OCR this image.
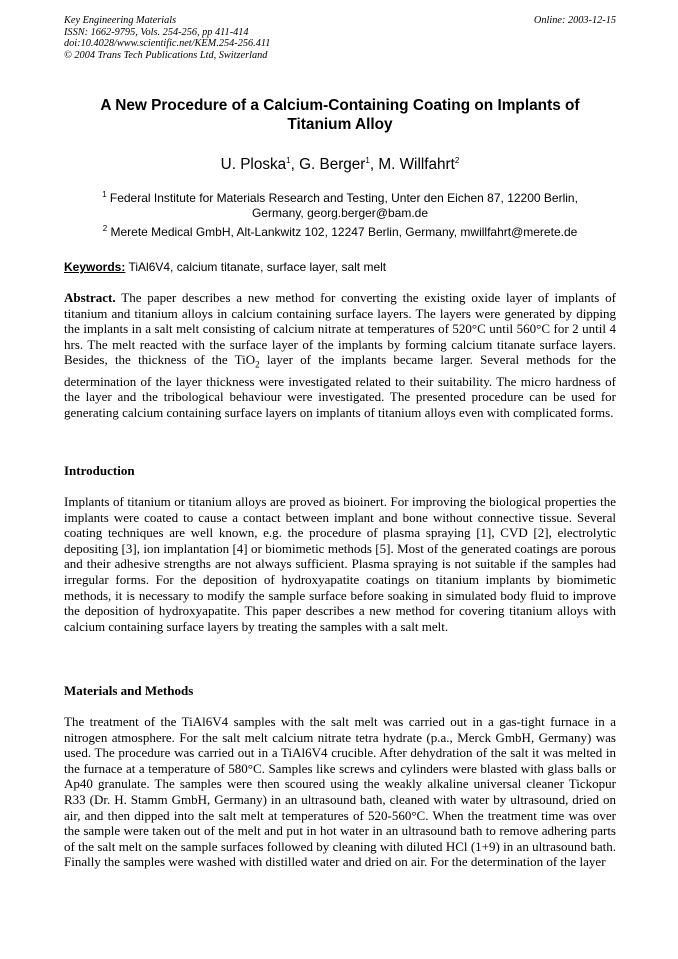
Key Engineering Materials
ISSN: 1662-9795, Vols. 254-256, pp 411-414
doi:10.4028/www.scientific.net/KEM.254-256.411
© 2004 Trans Tech Publications Ltd, Switzerland
Online: 2003-12-15
A New Procedure of a Calcium-Containing Coating on Implants of
Titanium Alloy
U. Ploska$^1$, G. Berger$^1$, M. Willfahrt$^2$
$^1$ Federal Institute for Materials Research and Testing, Unter den Eichen 87, 12200 Berlin,
Germany, georg.berger@bam.de
$^2$ Merete Medical GmbH, Alt-Lankwitz 102, 12247 Berlin, Germany, mwillfahrt@merete.de
Keywords: TiAl6V4, calcium titanate, surface layer, salt melt
Abstract. The paper describes a new method for converting the existing oxide layer of implants of titanium and titanium alloys in calcium containing surface layers. The layers were generated by dipping the implants in a salt melt consisting of calcium nitrate at temperatures of 520°C until 560°C for 2 until 4 hrs. The melt reacted with the surface layer of the implants by forming calcium titanate surface layers. Besides, the thickness of the TiO$_2$ layer of the implants became larger. Several methods for the determination of the layer thickness were investigated related to their suitability. The micro hardness of the layer and the tribological behaviour were investigated. The presented procedure can be used for generating calcium containing surface layers on implants of titanium alloys even with complicated forms.
Introduction
Implants of titanium or titanium alloys are proved as bioinert. For improving the biological properties the implants were coated to cause a contact between implant and bone without connective tissue. Several coating techniques are well known, e.g. the procedure of plasma spraying [1], CVD [2], electrolytic depositing [3], ion implantation [4] or biomimetic methods [5]. Most of the generated coatings are porous and their adhesive strengths are not always sufficient. Plasma spraying is not suitable if the samples had irregular forms. For the deposition of hydroxyapatite coatings on titanium implants by biomimetic methods, it is necessary to modify the sample surface before soaking in simulated body fluid to improve the deposition of hydroxyapatite. This paper describes a new method for covering titanium alloys with calcium containing surface layers by treating the samples with a salt melt.
Materials and Methods
The treatment of the TiAl6V4 samples with the salt melt was carried out in a gas-tight furnace in a nitrogen atmosphere. For the salt melt calcium nitrate tetra hydrate (p.a., Merck GmbH, Germany) was used. The procedure was carried out in a TiAl6V4 crucible. After dehydration of the salt it was melted in the furnace at a temperature of 580°C. Samples like screws and cylinders were blasted with glass balls or Ap40 granulate. The samples were then scoured using the weakly alkaline universal cleaner Tickopur R33 (Dr. H. Stamm GmbH, Germany) in an ultrasound bath, cleaned with water by ultrasound, dried on air, and then dipped into the salt melt at temperatures of 520-560°C. When the treatment time was over the sample were taken out of the melt and put in hot water in an ultrasound bath to remove adhering parts of the salt melt on the sample surfaces followed by cleaning with diluted HCl (1+9) in an ultrasound bath. Finally the samples were washed with distilled water and dried on air. For the determination of the layer
